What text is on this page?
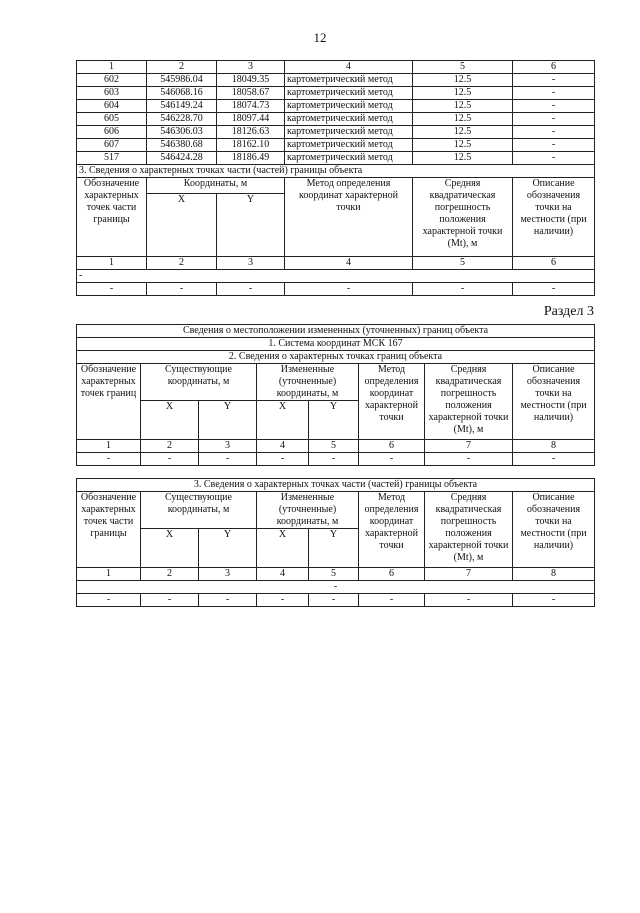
12
1	2	3	4	5	6
602	545986.04	18049.35	картометрический метод	12.5	-
603	546068.16	18058.67	картометрический метод	12.5	-
604	546149.24	18074.73	картометрический метод	12.5	-
605	546228.70	18097.44	картометрический метод	12.5	-
606	546306.03	18126.63	картометрический метод	12.5	-
607	546380.68	18162.10	картометрический метод	12.5	-
517	546424.28	18186.49	картометрический метод	12.5	-
3. Сведения о характерных точках части (частей) границы объекта					
Обозначение характерных точек части границы	Координаты, м		Метод определения координат характерной точки	Средняя квадратическая погрешность положения характерной точки (Mt), м	Описание обозначения точки на местности (при наличии)
	X	Y			
1	2	3	4	5	6
-					
-	-	-	-	-	-
Раздел 3
Сведения о местоположении измененных (уточненных) границ объекта							
1. Система координат МСК 167							
2. Сведения о характерных точках границ объекта							
Обозначение характерных точек границ	Существующие координаты, м		Измененные (уточненные) координаты, м		Метод определения координат характерной точки	Средняя квадратическая погрешность положения характерной точки (Mt), м	Описание обозначения точки на местности (при наличии)
	X	Y	X	Y			
1	2	3	4	5	6	7	8
-	-	-	-	-	-	-	-
3. Сведения о характерных точках части (частей) границы объекта							
Обозначение характерных точек части границы	Существующие координаты, м		Измененные (уточненные) координаты, м		Метод определения координат характерной точки	Средняя квадратическая погрешность положения характерной точки (Mt), м	Описание обозначения точки на местности (при наличии)
	X	Y	X	Y			
1	2	3	4	5	6	7	8
-							
-	-	-	-	-	-	-	-
